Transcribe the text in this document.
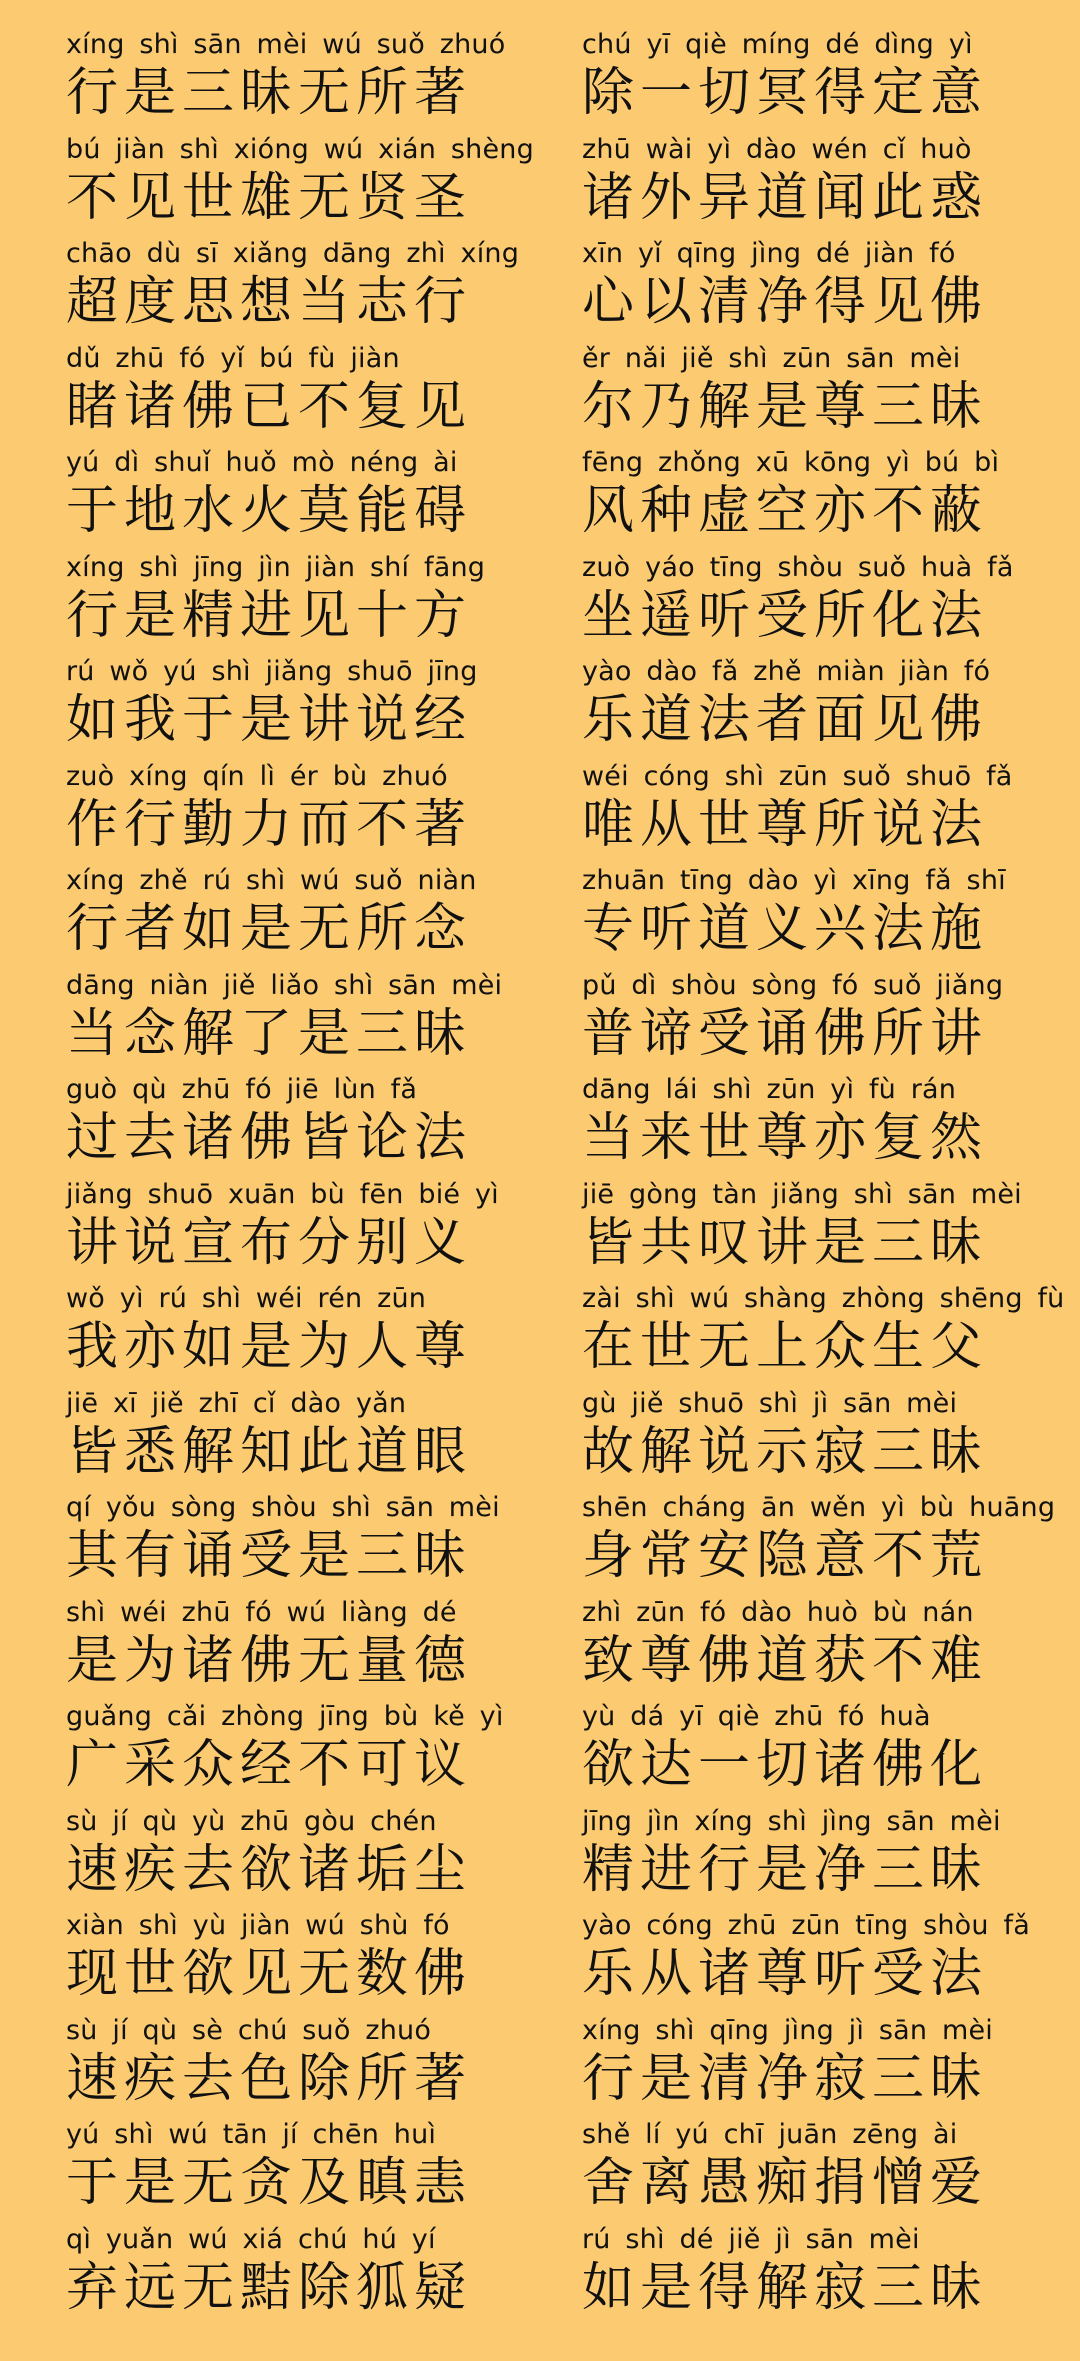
xíng shì sān mèi wú suǒ zhuó
行是三昧无所著
chú yī qiè míng dé dìng yì
除一切冥得定意
bú jiàn shì xióng wú xián shèng
不见世雄无贤圣
zhū wài yì dào wén cǐ huò
诸外异道闻此惑
chāo dù sī xiǎng dāng zhì xíng
超度思想当志行
xīn yǐ qīng jìng dé jiàn fó
心以清净得见佛
dǔ zhū fó yǐ bú fù jiàn
睹诸佛已不复见
ěr nǎi jiě shì zūn sān mèi
尔乃解是尊三昧
yú dì shuǐ huǒ mò néng ài
于地水火莫能碍
fēng zhǒng xū kōng yì bú bì
风种虚空亦不蔽
xíng shì jīng jìn jiàn shí fāng
行是精进见十方
zuò yáo tīng shòu suǒ huà fǎ
坐遥听受所化法
rú wǒ yú shì jiǎng shuō jīng
如我于是讲说经
yào dào fǎ zhě miàn jiàn fó
乐道法者面见佛
zuò xíng qín lì ér bù zhuó
作行勤力而不著
wéi cóng shì zūn suǒ shuō fǎ
唯从世尊所说法
xíng zhě rú shì wú suǒ niàn
行者如是无所念
zhuān tīng dào yì xīng fǎ shī
专听道义兴法施
dāng niàn jiě liǎo shì sān mèi
当念解了是三昧
pǔ dì shòu sòng fó suǒ jiǎng
普谛受诵佛所讲
guò qù zhū fó jiē lùn fǎ
过去诸佛皆论法
dāng lái shì zūn yì fù rán
当来世尊亦复然
jiǎng shuō xuān bù fēn bié yì
讲说宣布分别义
jiē gòng tàn jiǎng shì sān mèi
皆共叹讲是三昧
wǒ yì rú shì wéi rén zūn
我亦如是为人尊
zài shì wú shàng zhòng shēng fù
在世无上众生父
jiē xī jiě zhī cǐ dào yǎn
皆悉解知此道眼
gù jiě shuō shì jì sān mèi
故解说示寂三昧
qí yǒu sòng shòu shì sān mèi
其有诵受是三昧
shēn cháng ān wěn yì bù huāng
身常安隐意不荒
shì wéi zhū fó wú liàng dé
是为诸佛无量德
zhì zūn fó dào huò bù nán
致尊佛道获不难
guǎng cǎi zhòng jīng bù kě yì
广采众经不可议
yù dá yī qiè zhū fó huà
欲达一切诸佛化
sù jí qù yù zhū gòu chén
速疾去欲诸垢尘
jīng jìn xíng shì jìng sān mèi
精进行是净三昧
xiàn shì yù jiàn wú shù fó
现世欲见无数佛
yào cóng zhū zūn tīng shòu fǎ
乐从诸尊听受法
sù jí qù sè chú suǒ zhuó
速疾去色除所著
xíng shì qīng jìng jì sān mèi
行是清净寂三昧
yú shì wú tān jí chēn huì
于是无贪及瞋恚
shě lí yú chī juān zēng ài
舍离愚痴捐憎爱
qì yuǎn wú xiá chú hú yí
弃远无黠除狐疑
rú shì dé jiě jì sān mèi
如是得解寂三昧
